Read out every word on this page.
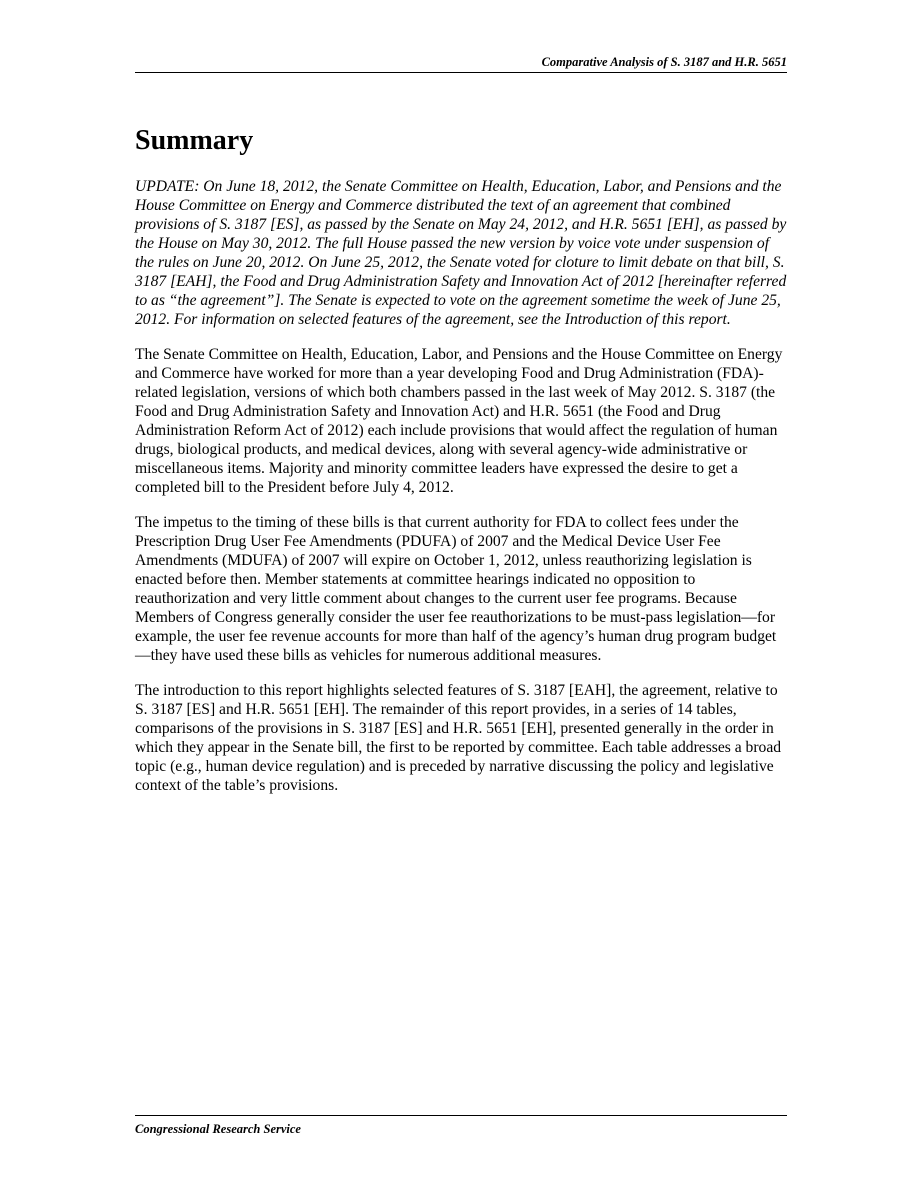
Comparative Analysis of S. 3187 and H.R. 5651
Summary

UPDATE: On June 18, 2012, the Senate Committee on Health, Education, Labor, and Pensions and the House Committee on Energy and Commerce distributed the text of an agreement that combined provisions of S. 3187 [ES], as passed by the Senate on May 24, 2012, and H.R. 5651 [EH], as passed by the House on May 30, 2012. The full House passed the new version by voice vote under suspension of the rules on June 20, 2012. On June 25, 2012, the Senate voted for cloture to limit debate on that bill, S. 3187 [EAH], the Food and Drug Administration Safety and Innovation Act of 2012 [hereinafter referred to as “the agreement”]. The Senate is expected to vote on the agreement sometime the week of June 25, 2012. For information on selected features of the agreement, see the Introduction of this report.

The Senate Committee on Health, Education, Labor, and Pensions and the House Committee on Energy and Commerce have worked for more than a year developing Food and Drug Administration (FDA)-related legislation, versions of which both chambers passed in the last week of May 2012. S. 3187 (the Food and Drug Administration Safety and Innovation Act) and H.R. 5651 (the Food and Drug Administration Reform Act of 2012) each include provisions that would affect the regulation of human drugs, biological products, and medical devices, along with several agency-wide administrative or miscellaneous items. Majority and minority committee leaders have expressed the desire to get a completed bill to the President before July 4, 2012.

The impetus to the timing of these bills is that current authority for FDA to collect fees under the Prescription Drug User Fee Amendments (PDUFA) of 2007 and the Medical Device User Fee Amendments (MDUFA) of 2007 will expire on October 1, 2012, unless reauthorizing legislation is enacted before then. Member statements at committee hearings indicated no opposition to reauthorization and very little comment about changes to the current user fee programs. Because Members of Congress generally consider the user fee reauthorizations to be must-pass legislation—for example, the user fee revenue accounts for more than half of the agency’s human drug program budget—they have used these bills as vehicles for numerous additional measures.

The introduction to this report highlights selected features of S. 3187 [EAH], the agreement, relative to S. 3187 [ES] and H.R. 5651 [EH]. The remainder of this report provides, in a series of 14 tables, comparisons of the provisions in S. 3187 [ES] and H.R. 5651 [EH], presented generally in the order in which they appear in the Senate bill, the first to be reported by committee. Each table addresses a broad topic (e.g., human device regulation) and is preceded by narrative discussing the policy and legislative context of the table’s provisions.

Congressional Research Service
